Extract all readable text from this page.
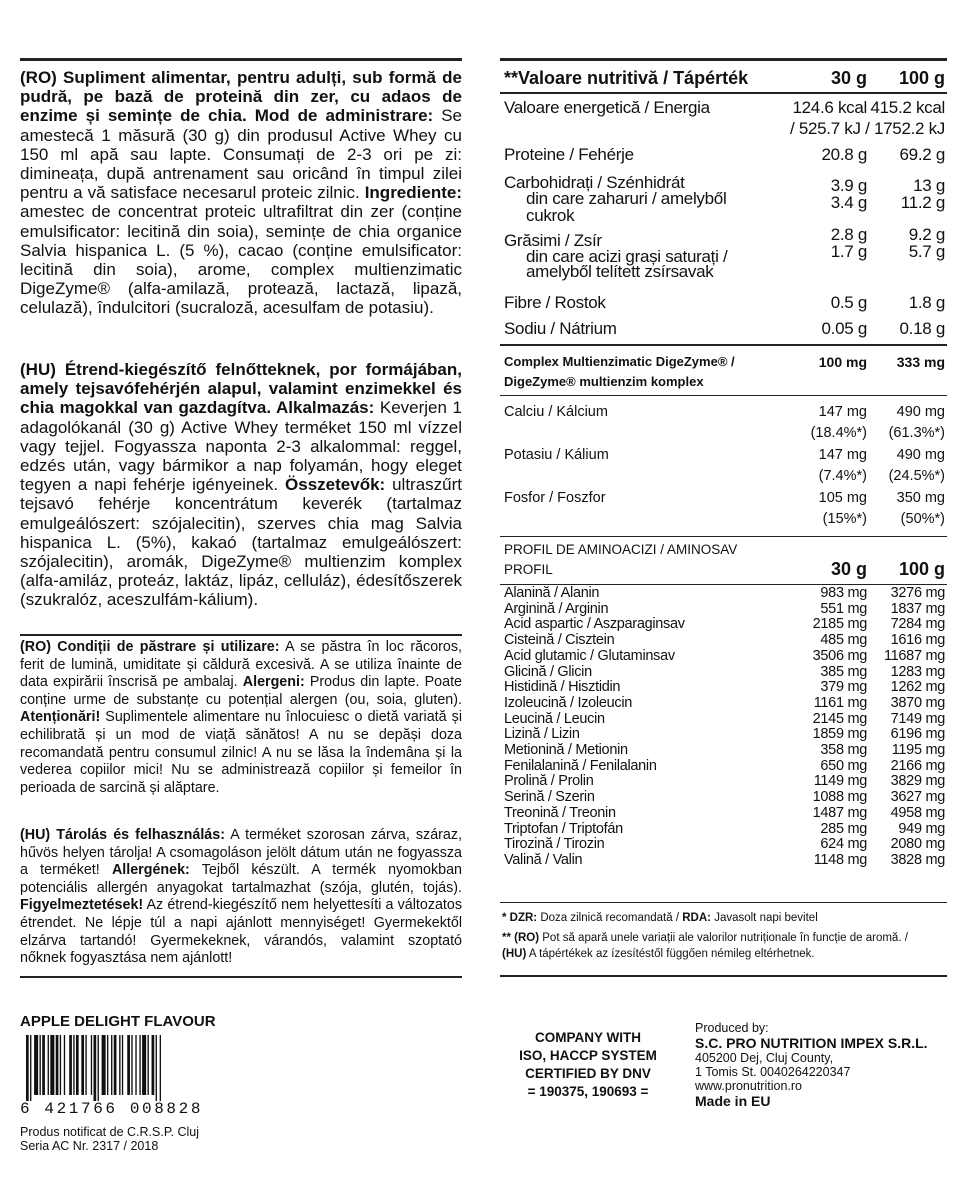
(RO) Supliment alimentar, pentru adulți, sub formă de pudră, pe bază de proteină din zer, cu adaos de enzime și semințe de chia. Mod de administrare: Se amestecă 1 măsură (30 g) din produsul Active Whey cu 150 ml apă sau lapte. Consumați de 2-3 ori pe zi: dimineața, după antrenament sau oricând în timpul zilei pentru a vă satisface necesarul proteic zilnic. Ingrediente: amestec de concentrat proteic ultrafiltrat din zer (conține emulsificator: lecitină din soia), semințe de chia organice Salvia hispanica L. (5 %), cacao (conține emulsificator: lecitină din soia), arome, complex multienzimatic DigeZyme® (alfa-amilază, protează, lactază, lipază, celulază), îndulcitori (sucraloză, acesulfam de potasiu).

(HU) Étrend-kiegészítő felnőtteknek, por formájában, amely tejsavófehérjén alapul, valamint enzimekkel és chia magokkal van gazdagítva. Alkalmazás: Keverjen 1 adagolókanál (30 g) Active Whey terméket 150 ml vízzel vagy tejjel. Fogyassza naponta 2-3 alkalommal: reggel, edzés után, vagy bármikor a nap folyamán, hogy eleget tegyen a napi fehérje igényeinek. Összetevők: ultraszűrt tejsavó fehérje koncentrátum keverék (tartalmaz emulgeálószert: szójalecitin), szerves chia mag Salvia hispanica L. (5%), kakaó (tartalmaz emulgeálószert: szójalecitin), aromák, DigeZyme® multienzim komplex (alfa-amiláz, proteáz, laktáz, lipáz, celluláz), édesítőszerek (szukralóz, aceszulfám-kálium).

(RO) Condiții de păstrare și utilizare: A se păstra în loc răcoros, ferit de lumină, umiditate și căldură excesivă. A se utiliza înainte de data expirării înscrisă pe ambalaj. Alergeni: Produs din lapte. Poate conține urme de substanțe cu potențial alergen (ou, soia, gluten). Atenționări! Suplimentele alimentare nu înlocuiesc o dietă variată și echilibrată și un mod de viață sănătos! A nu se depăși doza recomandată pentru consumul zilnic! A nu se lăsa la îndemâna și la vederea copiilor mici! Nu se administrează copiilor și femeilor în perioada de sarcină și alăptare.

(HU) Tárolás és felhasználás: A terméket szorosan zárva, száraz, hűvös helyen tárolja! A csomagoláson jelölt dátum után ne fogyassza a terméket! Allergének: Tejből készült. A termék nyomokban potenciális allergén anyagokat tartalmazhat (szója, glutén, tojás). Figyelmeztetések! Az étrend-kiegészítő nem helyettesíti a változatos étrendet. Ne lépje túl a napi ajánlott mennyiséget! Gyermekektől elzárva tartandó! Gyermekeknek, várandós, valamint szoptató nőknek fogyasztása nem ajánlott!

**Valoare nutritivă / Tápérték	30 g 100 g
Valoare energetică / Energia	124.6 kcal 415.2 kcal
/ 525.7 kJ / 1752.2 kJ
Proteine / Fehérje	20.8 g 69.2 g
Carbohidrați / Szénhidrát	3.9 g	13 g
din care zaharuri / amelyből
cukrok
3.4 g 11.2 g
Grăsimi / Zsír	2.8 g 9.2 g
din care acizi grași saturați /
amelyből telített zsírsavak
1.7 g 5.7 g
Fibre / Rostok	0.5 g 1.8 g
Sodiu / Nátrium	0.05 g 0.18 g
Complex Multienzimatic DigeZyme® /
DigeZyme® multienzim komplex
100 mg 333 mg
Calciu / Kálcium	147 mg 490 mg
(18.4%*) (61.3%*)
Potasiu / Kálium	147 mg 490 mg
(7.4%*) (24.5%*)
Fosfor / Foszfor	105 mg 350 mg
(15%*) (50%*)
PROFIL DE AMINOACIZI / AMINOSAV
PROFIL	30 g 100 g
Alanină / Alanin	983 mg 3276 mg
Arginină / Arginin	551 mg 1837 mg
Acid aspartic / Aszparaginsav	2185 mg 7284 mg
Cisteină / Cisztein	485 mg 1616 mg
Acid glutamic / Glutaminsav	3506 mg 11687 mg
Glicină / Glicin	385 mg 1283 mg
Histidină / Hisztidin	379 mg 1262 mg
Izoleucină / Izoleucin	1161 mg 3870 mg
Leucină / Leucin	2145 mg 7149 mg
Lizină / Lizin	1859 mg 6196 mg
Metionină / Metionin	358 mg 1195 mg
Fenilalanină / Fenilalanin	650 mg 2166 mg
Prolină / Prolin	1149 mg 3829 mg
Serină / Szerin	1088 mg 3627 mg
Treonină / Treonin	1487 mg 4958 mg
Triptofan / Triptofán	285 mg 949 mg
Tirozină / Tirozin	624 mg 2080 mg
Valină / Valin	1148 mg 3828 mg
* DZR: Doza zilnică recomandată / RDA: Javasolt napi bevitel
** (RO) Pot să apară unele variații ale valorilor nutriționale în funcție de aromă. /
(HU) A tápértékek az ízesítéstől függően némileg eltérhetnek.
APPLE DELIGHT FLAVOUR
6 421766 008828
Produs notificat de C.R.S.P. Cluj
Seria AC Nr. 2317 / 2018
COMPANY WITH
ISO, HACCP SYSTEM
CERTIFIED BY DNV
= 190375, 190693 =
Produced by:
S.C. PRO NUTRITION IMPEX S.R.L.
405200 Dej, Cluj County,
1 Tomis St. 0040264220347
www.pronutrition.ro
Made in EU
